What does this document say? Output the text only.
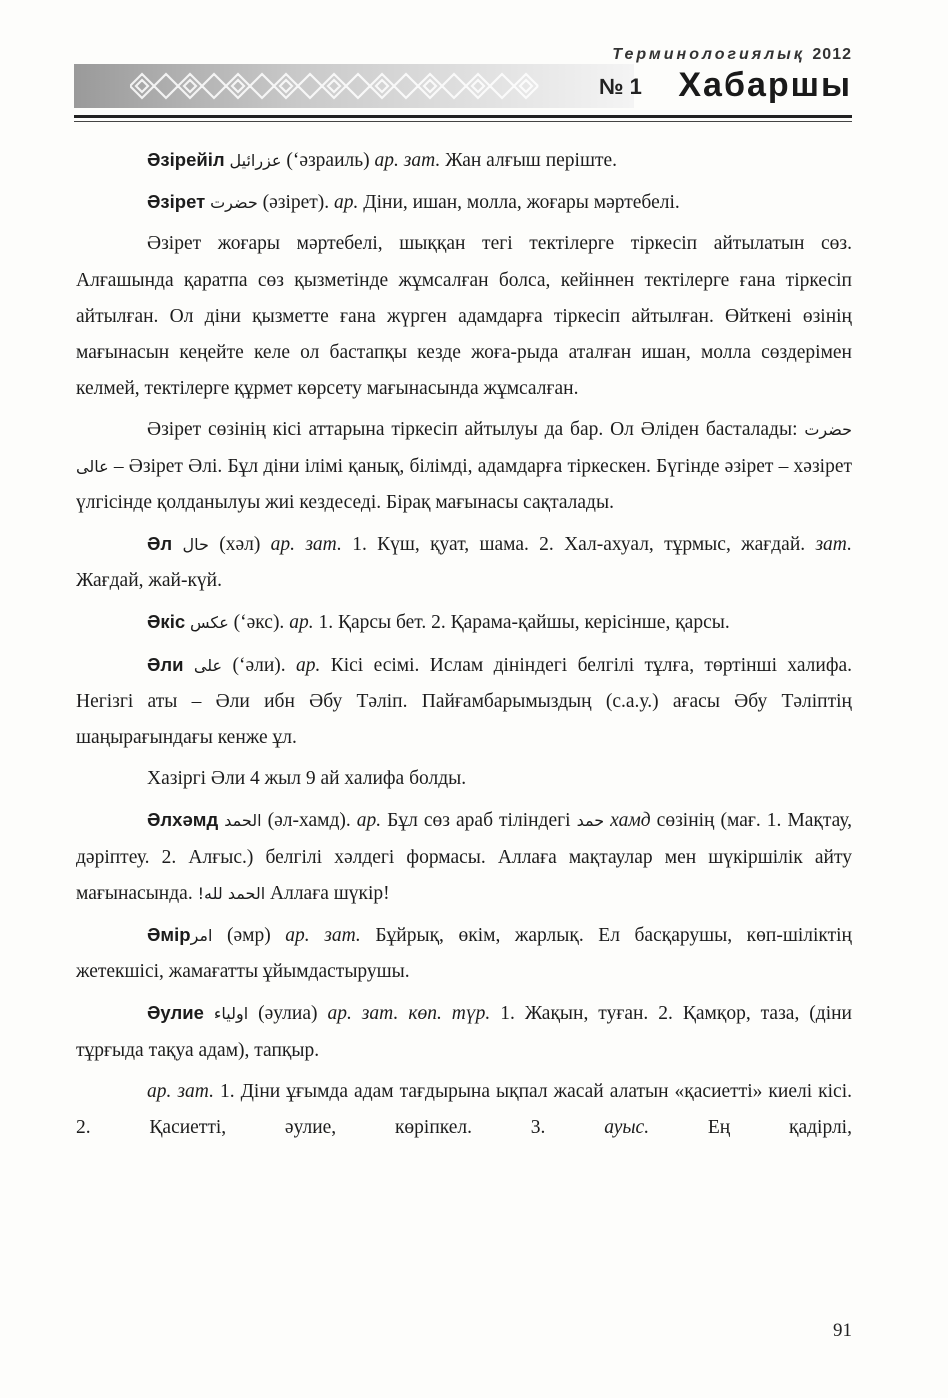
Терминологиялық 2012
№ 1 Хабаршы

Әзірейіл عزرائيل (‘әзраиль) ар. зат. Жан алғыш періште.

Әзірет حضرت (әзірет). ар. Діни, ишан, молла, жоғары мәртебелі.

Әзірет жоғары мәртебелі, шыққан тегі тектілерге тіркесіп айтылатын сөз. Алғашында қаратпа сөз қызметінде жұмсалған болса, кейіннен тектілерге ғана тіркесіп айтылған. Ол діни қызметте ғана жүрген адамдарға тіркесіп айтылған. Өйткені өзінің мағынасын кеңейте келе ол бастапқы кезде жоға-рыда аталған ишан, молла сөздерімен келмей, тектілерге құрмет көрсету мағынасында жұмсалған.

Әзірет сөзінің кісі аттарына тіркесіп айтылуы да бар. Ол Әліден басталады: حضرت عالى – Әзірет Әлі. Бұл діни ілімі қанық, білімді, адамдарға тіркескен. Бүгінде әзірет – хәзірет үлгісінде қолданылуы жиі кездеседі. Бірақ мағынасы сақталады.

Әл حال (хәл) ар. зат. 1. Күш, қуат, шама. 2. Хал-ахуал, тұрмыс, жағдай. зат. Жағдай, жай-күй.

Әкіс عكس (‘әкс). ар. 1. Қарсы бет. 2. Қарама-қайшы, керісінше, қарсы.

Әли على (‘әли). ар. Кісі есімі. Ислам дініндегі белгілі тұлға, төртінші халифа. Негізгі аты – Әли ибн Әбу Тәліп. Пайғамбарымыздың (с.а.у.) ағасы Әбу Тәліптің шаңырағындағы кенже ұл.

Хазіргі Әли 4 жыл 9 ай халифа болды.

Әлхәмд الحمد (әл-хамд). ар. Бұл сөз араб тіліндегі حمد хамд сөзінің (мағ. 1. Мақтау, дәріптеу. 2. Алғыс.) белгілі хәлдегі формасы. Аллаға мақтаулар мен шүкіршілік айту мағынасында. !الحمد لله Аллаға шүкір!

Әмірامر (әмр) ар. зат. Бұйрық, өкім, жарлық. Ел басқарушы, көп-шіліктің жетекшісі, жамағатты ұйымдастырушы.

Әулие اولياء (әулиа) ар. зат. көп. түр. 1. Жақын, туған. 2. Қамқор, таза, (діни тұрғыда тақуа адам), тапқыр.

ар. зат. 1. Діни ұғымда адам тағдырына ықпал жасай алатын «қасиетті» киелі кісі. 2. Қасиетті, әулие, көріпкел. 3. ауыс. Ең қадірлі,

91
